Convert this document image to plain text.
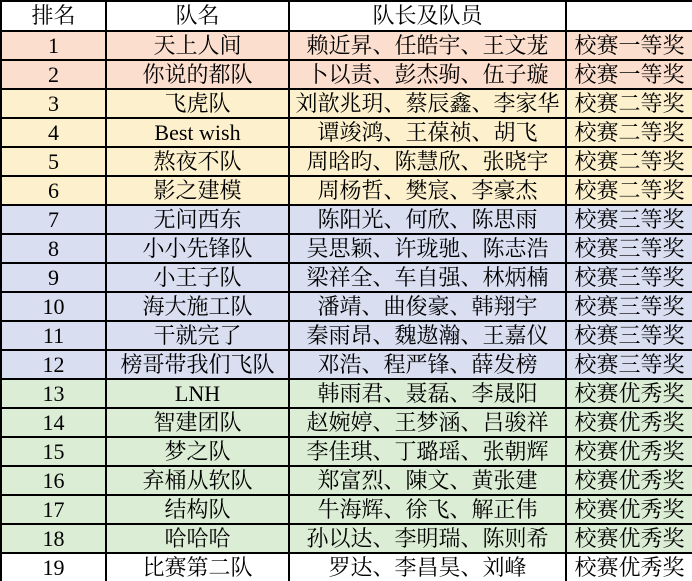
排名	队名	队长及队员	
1	天上人间	赖近昇、任皓宇、王文茏	校赛一等奖
2	你说的都队	卜以责、彭杰驹、伍子璇	校赛一等奖
3	飞虎队	刘歆兆玥、蔡辰鑫、李家华	校赛二等奖
4	Best wish	谭竣鸿、王葆祯、胡飞	校赛二等奖
5	熬夜不队	周晗昀、陈慧欣、张晓宇	校赛二等奖
6	影之建模	周杨哲、樊宸、李豪杰	校赛二等奖
7	无问西东	陈阳光、何欣、陈思雨	校赛三等奖
8	小小先锋队	吴思颖、许珑驰、陈志浩	校赛三等奖
9	小王子队	梁祥全、车自强、林炳楠	校赛三等奖
10	海大施工队	潘靖、曲俊豪、韩翔宇	校赛三等奖
11	干就完了	秦雨昂、魏遨瀚、王嘉仪	校赛三等奖
12	榜哥带我们飞队	邓浩、程严锋、薛发榜	校赛三等奖
13	LNH	韩雨君、聂磊、李晟阳	校赛优秀奖
14	智建团队	赵婉婷、王梦涵、吕骏祥	校赛优秀奖
15	梦之队	李佳琪、丁璐瑶、张朝辉	校赛优秀奖
16	弃桶从软队	郑富烈、陳文、黄张建	校赛优秀奖
17	结构队	牛海辉、徐飞、解正伟	校赛优秀奖
18	哈哈哈	孙以达、李明瑞、陈则希	校赛优秀奖
19	比赛第二队	罗达、李昌昊、刘峰	校赛优秀奖
